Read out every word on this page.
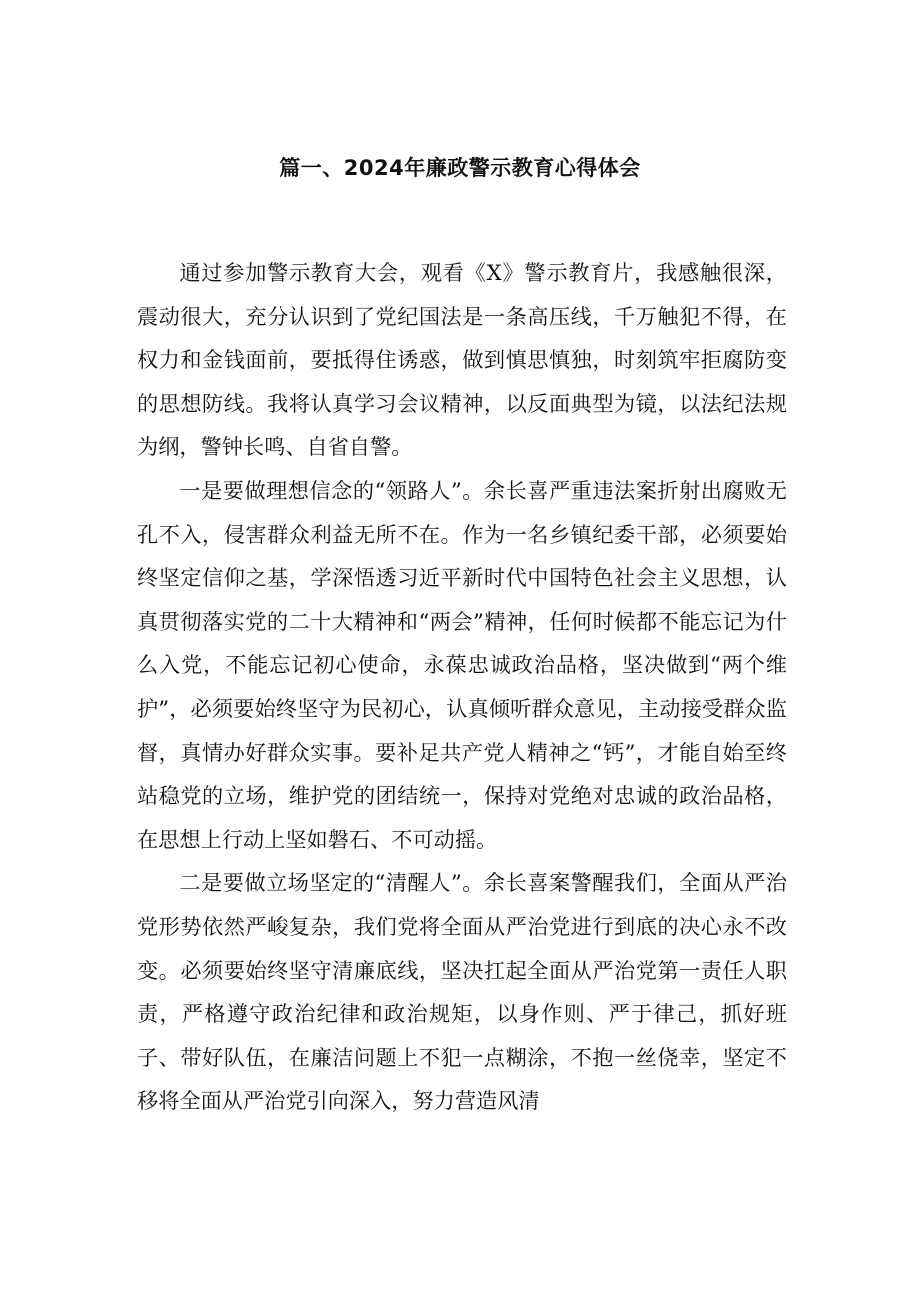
篇一、2024年廉政警示教育心得体会

通过参加警示教育大会，观看《X》警示教育片，我感触很深，震动很大，充分认识到了党纪国法是一条高压线，千万触犯不得，在权力和金钱面前，要抵得住诱惑，做到慎思慎独，时刻筑牢拒腐防变的思想防线。我将认真学习会议精神，以反面典型为镜，以法纪法规为纲，警钟长鸣、自省自警。

一是要做理想信念的“领路人”。余长喜严重违法案折射出腐败无孔不入，侵害群众利益无所不在。作为一名乡镇纪委干部，必须要始终坚定信仰之基，学深悟透习近平新时代中国特色社会主义思想，认真贯彻落实党的二十大精神和“两会”精神，任何时候都不能忘记为什么入党，不能忘记初心使命，永葆忠诚政治品格，坚决做到“两个维护”，必须要始终坚守为民初心，认真倾听群众意见，主动接受群众监督，真情办好群众实事。要补足共产党人精神之“钙”，才能自始至终站稳党的立场，维护党的团结统一，保持对党绝对忠诚的政治品格，在思想上行动上坚如磐石、不可动摇。

二是要做立场坚定的“清醒人”。余长喜案警醒我们，全面从严治党形势依然严峻复杂，我们党将全面从严治党进行到底的决心永不改变。必须要始终坚守清廉底线，坚决扛起全面从严治党第一责任人职责，严格遵守政治纪律和政治规矩，以身作则、严于律己，抓好班子、带好队伍，在廉洁问题上不犯一点糊涂，不抱一丝侥幸，坚定不移将全面从严治党引向深入，努力营造风清
